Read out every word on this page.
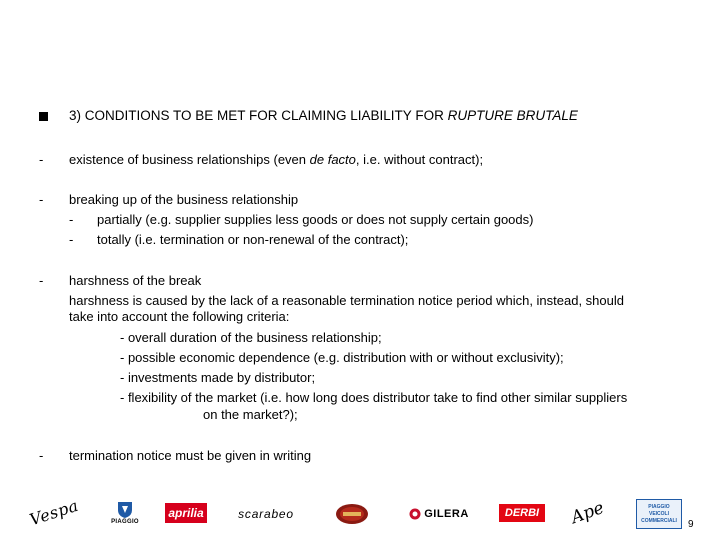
3) CONDITIONS TO BE MET FOR CLAIMING LIABILITY FOR RUPTURE BRUTALE
- existence of business relationships (even de facto, i.e. without contract);
- breaking up of the business relationship
- partially (e.g. supplier supplies less goods or does not supply certain goods)
- totally (i.e. termination or non-renewal of the contract);
- harshness of the break
harshness is caused by the lack of a reasonable termination notice period which, instead, should
take into account the following criteria:
- overall duration of the business relationship;
- possible economic dependence (e.g. distribution with or without exclusivity);
- investments made by distributor;
- flexibility of the market (i.e. how long does distributor take to find other similar suppliers
on the market?);
- termination notice must be given in writing
Vespa	PIAGGIO
aprilia	scarabeo	GILERA	DERBI Ape	PIAGGIO
VEICOLI
COMMERCIALI 9
